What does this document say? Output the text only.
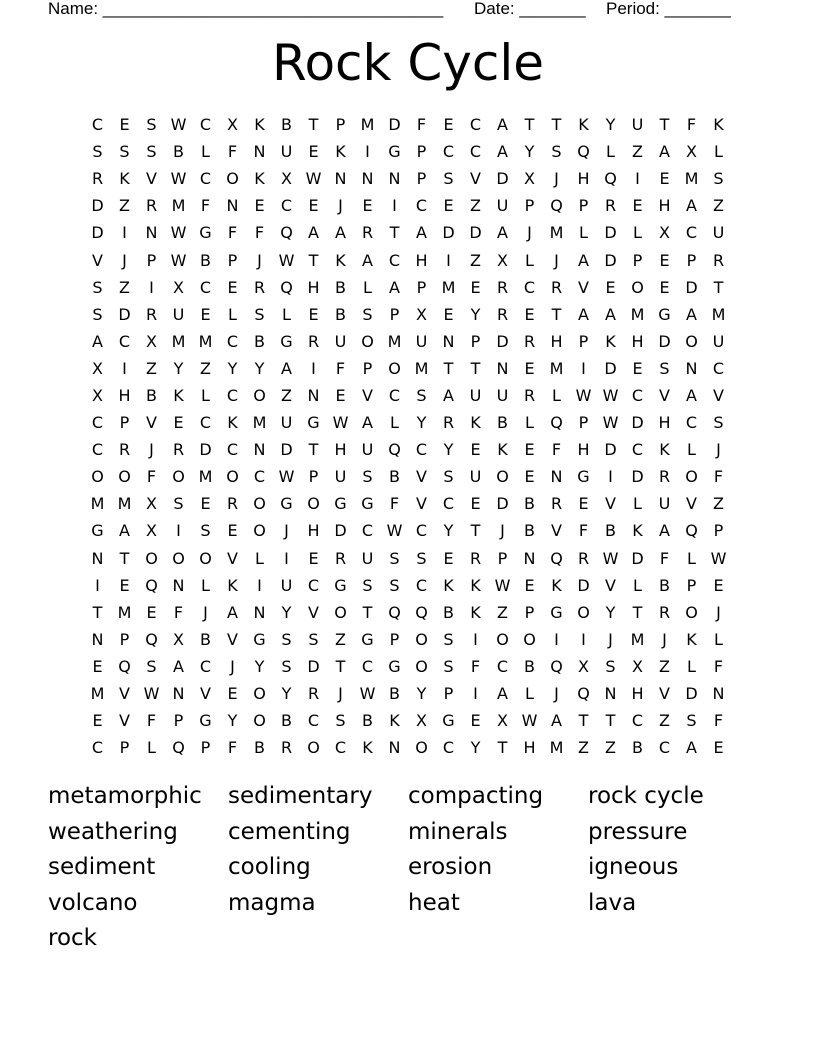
Name: ____________________________________ Date: _______ Period: _______
Rock Cycle
C	E	S W C X	K	B	T	P M D	F	E	C A	T	T	K	Y	U	T	F	K
S	S	S	B	L	F	N U	E	K	I	G P	C C A	Y	S Q	L	Z	A	X	L
R	K	V W C O K	X W N N N	P	S	V D X	J	H Q	I	E M S
D Z R M F	N E	C	E	J	E	I	C	E	Z U	P Q P	R	E H A	Z
D	I	N W G	F	F	Q A	A R	T	A D D A	J	M L	D	L	X C U
V	J	P W B	P	J	W T	K	A C H	I	Z	X	L	J	A D	P	E	P	R
S	Z	I	X C	E	R Q H B	L	A	P M E	R C R V	E O E D T
S D R U	E	L	S	L	E	B	S	P	X	E	Y	R	E	T	A	A M G A M
A C X M M C B G R U O M U N	P	D R H	P	K H D O U
X	I	Z	Y	Z	Y	Y	A	I	F	P O M T	T	N E M	I	D E	S N C
X H B	K	L	C O Z N E	V C	S	A U U R	L W W C V	A	V
C	P	V	E	C	K M U G W A	L	Y	R	K	B	L	Q P W D H C	S
C R	J	R D C N D T	H U Q C	Y	E	K	E	F	H D C	K	L	J
O O	F	O M O C W P	U	S	B	V	S	U O E N G	I	D R O	F
M M X	S	E	R O G O G G	F	V C	E D B R	E	V	L	U V	Z
G A	X	I	S	E O	J	H D C W C	Y	T	J	B	V	F	B	K	A Q P
N	T O O O V	L	I	E	R U	S	S	E	R	P	N Q R W D	F	L W
I	E Q N	L	K	I	U C G S	S	C	K	K W E	K D V	L	B	P	E
T M E	F	J	A N	Y	V O T Q Q B	K	Z	P G O Y	T	R O	J
N	P Q X	B	V G S	S	Z G P O S	I	O O	I	I	J	M	J	K	L
E Q S	A C	J	Y	S D T	C G O S	F	C B Q X	S	X	Z	L	F
M V W N V	E O Y	R	J	W B	Y	P	I	A	L	J	Q N H V D N
E	V	F	P G Y O B C	S	B	K	X G E	X W A	T	T	C Z	S	F
C	P	L	Q P	F	B R O C	K N O C	Y	T	H M Z	Z	B C A	E
metamorphic	sedimentary	compacting	rock cycle
weathering	cementing	minerals	pressure
sediment	cooling	erosion	igneous
volcano	magma	heat	lava
rock
